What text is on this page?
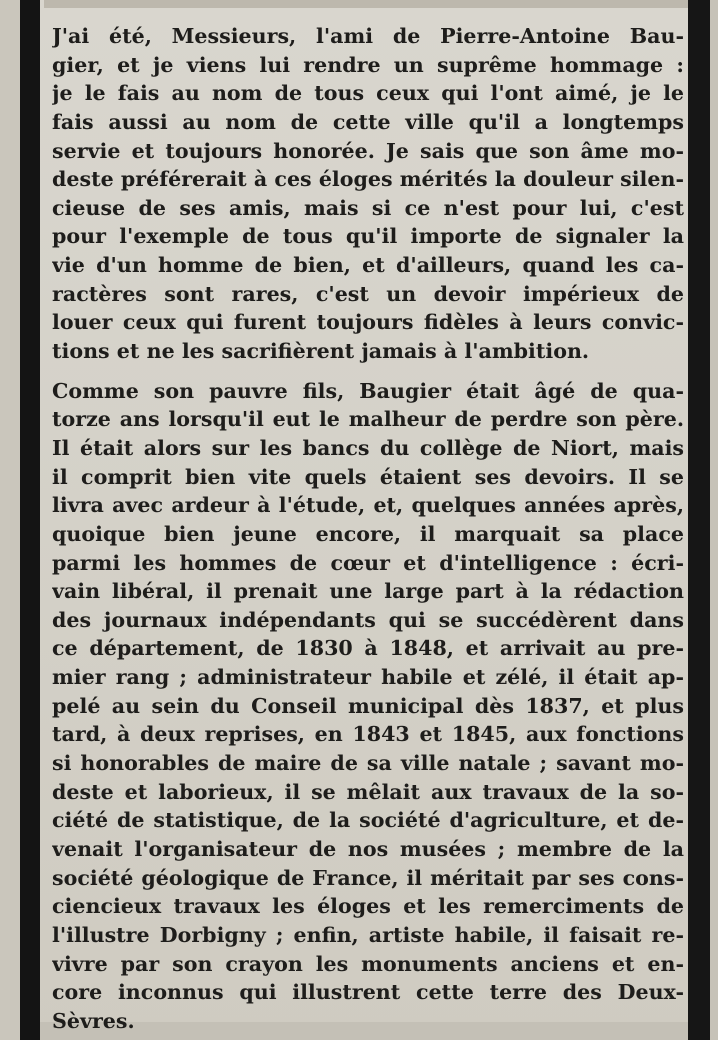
J'ai été, Messieurs, l'ami de Pierre-Antoine Bau-
gier, et je viens lui rendre un suprême hommage :
je le fais au nom de tous ceux qui l'ont aimé, je le
fais aussi au nom de cette ville qu'il a longtemps
servie et toujours honorée. Je sais que son âme mo-
deste préférerait à ces éloges mérités la douleur silen-
cieuse de ses amis, mais si ce n'est pour lui, c'est
pour l'exemple de tous qu'il importe de signaler la
vie d'un homme de bien, et d'ailleurs, quand les ca-
ractères sont rares, c'est un devoir impérieux de
louer ceux qui furent toujours fidèles à leurs convic-
tions et ne les sacrifièrent jamais à l'ambition.
Comme son pauvre fils, Baugier était âgé de qua-
torze ans lorsqu'il eut le malheur de perdre son père.
Il était alors sur les bancs du collège de Niort, mais
il comprit bien vite quels étaient ses devoirs. Il se
livra avec ardeur à l'étude, et, quelques années après,
quoique bien jeune encore, il marquait sa place
parmi les hommes de cœur et d'intelligence : écri-
vain libéral, il prenait une large part à la rédaction
des journaux indépendants qui se succédèrent dans
ce département, de 1830 à 1848, et arrivait au pre-
mier rang ; administrateur habile et zélé, il était ap-
pelé au sein du Conseil municipal dès 1837, et plus
tard, à deux reprises, en 1843 et 1845, aux fonctions
si honorables de maire de sa ville natale ; savant mo-
deste et laborieux, il se mêlait aux travaux de la so-
ciété de statistique, de la société d'agriculture, et de-
venait l'organisateur de nos musées ; membre de la
société géologique de France, il méritait par ses cons-
ciencieux travaux les éloges et les remerciments de
l'illustre Dorbigny ; enfin, artiste habile, il faisait re-
vivre par son crayon les monuments anciens et en-
core inconnus qui illustrent cette terre des Deux-
Sèvres.
